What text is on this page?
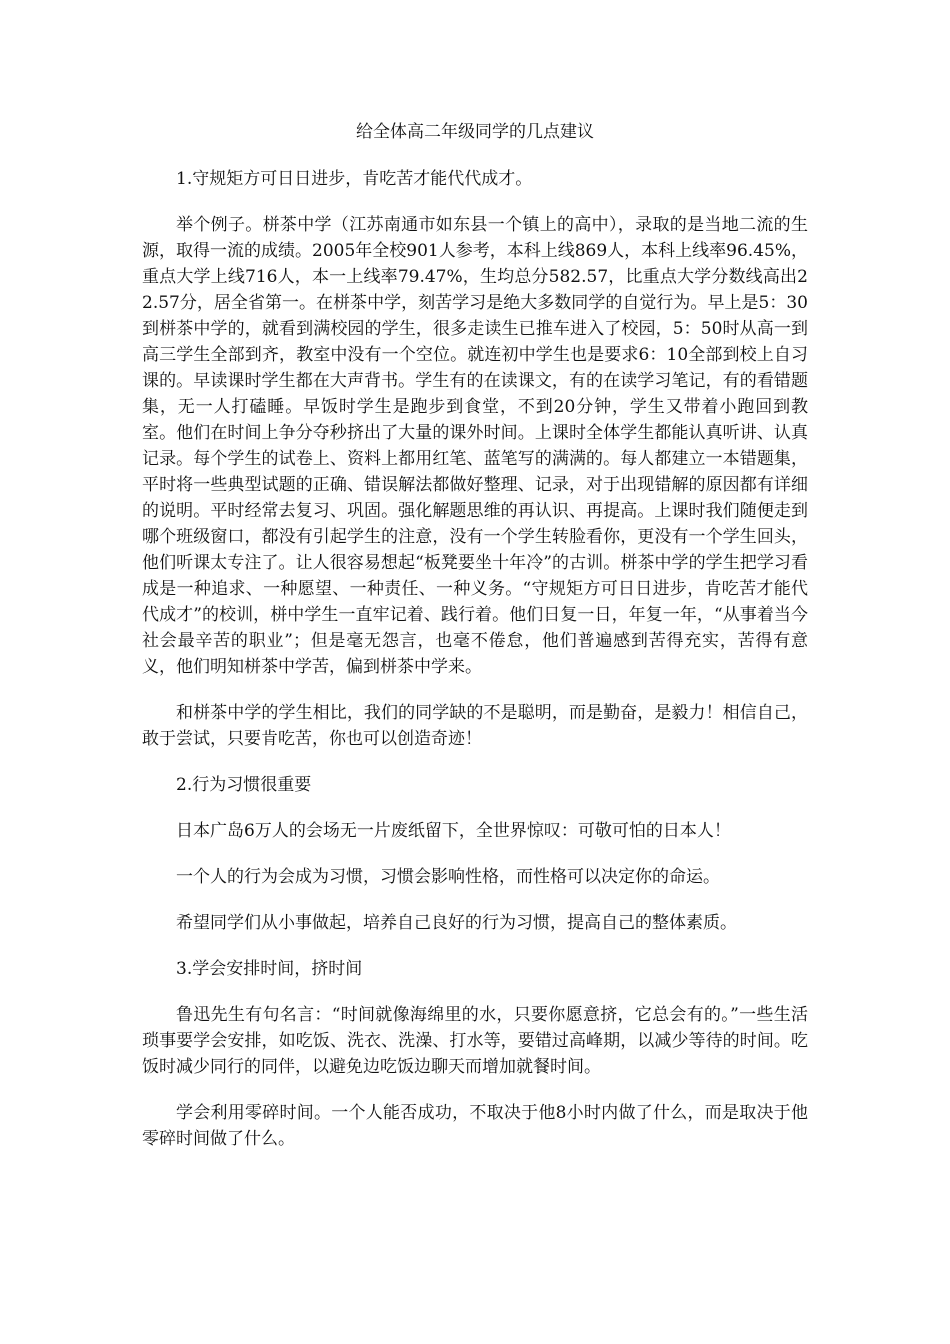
给全体高二年级同学的几点建议

1.守规矩方可日日进步，肯吃苦才能代代成才。

举个例子。栟茶中学（江苏南通市如东县一个镇上的高中），录取的是当地二流的生源，取得一流的成绩。2005年全校901人参考，本科上线869人，本科上线率96.45%，重点大学上线716人，本一上线率79.47%，生均总分582.57，比重点大学分数线高出22.57分，居全省第一。在栟茶中学，刻苦学习是绝大多数同学的自觉行为。早上是5：30到栟茶中学的，就看到满校园的学生，很多走读生已推车进入了校园，5：50时从高一到高三学生全部到齐，教室中没有一个空位。就连初中学生也是要求6：10全部到校上自习课的。早读课时学生都在大声背书。学生有的在读课文，有的在读学习笔记，有的看错题集，无一人打磕睡。早饭时学生是跑步到食堂，不到20分钟，学生又带着小跑回到教室。他们在时间上争分夺秒挤出了大量的课外时间。上课时全体学生都能认真听讲、认真记录。每个学生的试卷上、资料上都用红笔、蓝笔写的满满的。每人都建立一本错题集，平时将一些典型试题的正确、错误解法都做好整理、记录，对于出现错解的原因都有详细的说明。平时经常去复习、巩固。强化解题思维的再认识、再提高。上课时我们随便走到哪个班级窗口，都没有引起学生的注意，没有一个学生转脸看你，更没有一个学生回头，他们听课太专注了。让人很容易想起“板凳要坐十年冷”的古训。栟茶中学的学生把学习看成是一种追求、一种愿望、一种责任、一种义务。“守规矩方可日日进步，肯吃苦才能代代成才”的校训，栟中学生一直牢记着、践行着。他们日复一日，年复一年，“从事着当今社会最辛苦的职业”；但是毫无怨言，也毫不倦怠，他们普遍感到苦得充实，苦得有意义，他们明知栟茶中学苦，偏到栟茶中学来。

和栟茶中学的学生相比，我们的同学缺的不是聪明，而是勤奋，是毅力！相信自己，敢于尝试，只要肯吃苦，你也可以创造奇迹！

2.行为习惯很重要

日本广岛6万人的会场无一片废纸留下，全世界惊叹：可敬可怕的日本人！

一个人的行为会成为习惯，习惯会影响性格，而性格可以决定你的命运。

希望同学们从小事做起，培养自己良好的行为习惯，提高自己的整体素质。

3.学会安排时间，挤时间

鲁迅先生有句名言：“时间就像海绵里的水，只要你愿意挤，它总会有的。”一些生活琐事要学会安排，如吃饭、洗衣、洗澡、打水等，要错过高峰期，以减少等待的时间。吃饭时减少同行的同伴，以避免边吃饭边聊天而增加就餐时间。

学会利用零碎时间。一个人能否成功，不取决于他8小时内做了什么，而是取决于他零碎时间做了什么。
